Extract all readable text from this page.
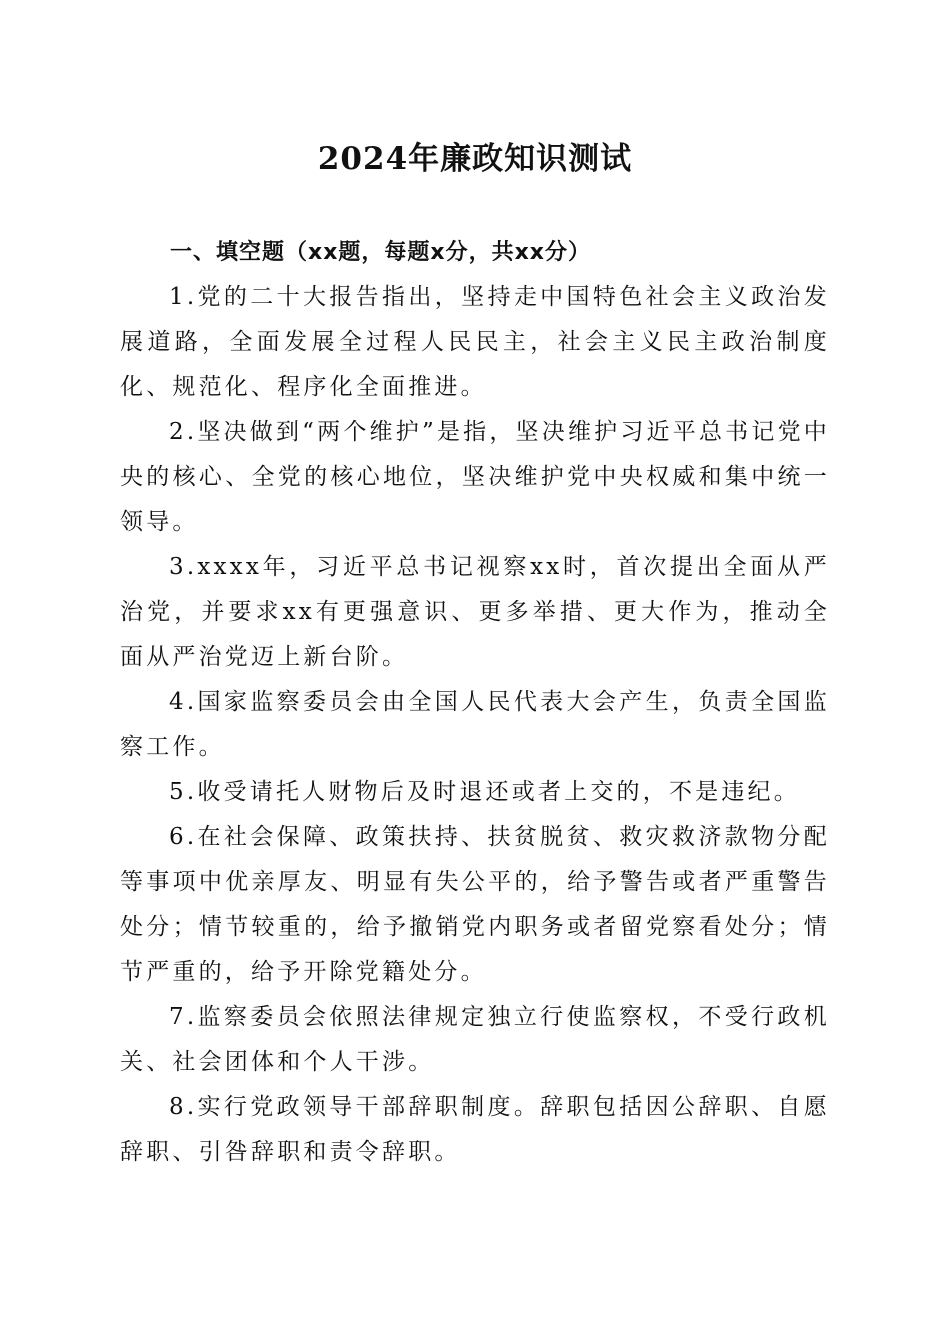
2024年廉政知识测试
一、填空题（xx题，每题x分，共xx分）

1.党的二十大报告指出，坚持走中国特色社会主义政治发展道路，全面发展全过程人民民主，社会主义民主政治制度化、规范化、程序化全面推进。

2.坚决做到“两个维护”是指，坚决维护习近平总书记党中央的核心、全党的核心地位，坚决维护党中央权威和集中统一领导。

3.xxxx年，习近平总书记视察xx时，首次提出全面从严治党，并要求xx有更强意识、更多举措、更大作为，推动全面从严治党迈上新台阶。

4.国家监察委员会由全国人民代表大会产生，负责全国监察工作。

5.收受请托人财物后及时退还或者上交的，不是违纪。

6.在社会保障、政策扶持、扶贫脱贫、救灾救济款物分配等事项中优亲厚友、明显有失公平的，给予警告或者严重警告处分；情节较重的，给予撤销党内职务或者留党察看处分；情节严重的，给予开除党籍处分。

7.监察委员会依照法律规定独立行使监察权，不受行政机关、社会团体和个人干涉。

8.实行党政领导干部辞职制度。辞职包括因公辞职、自愿辞职、引咎辞职和责令辞职。
